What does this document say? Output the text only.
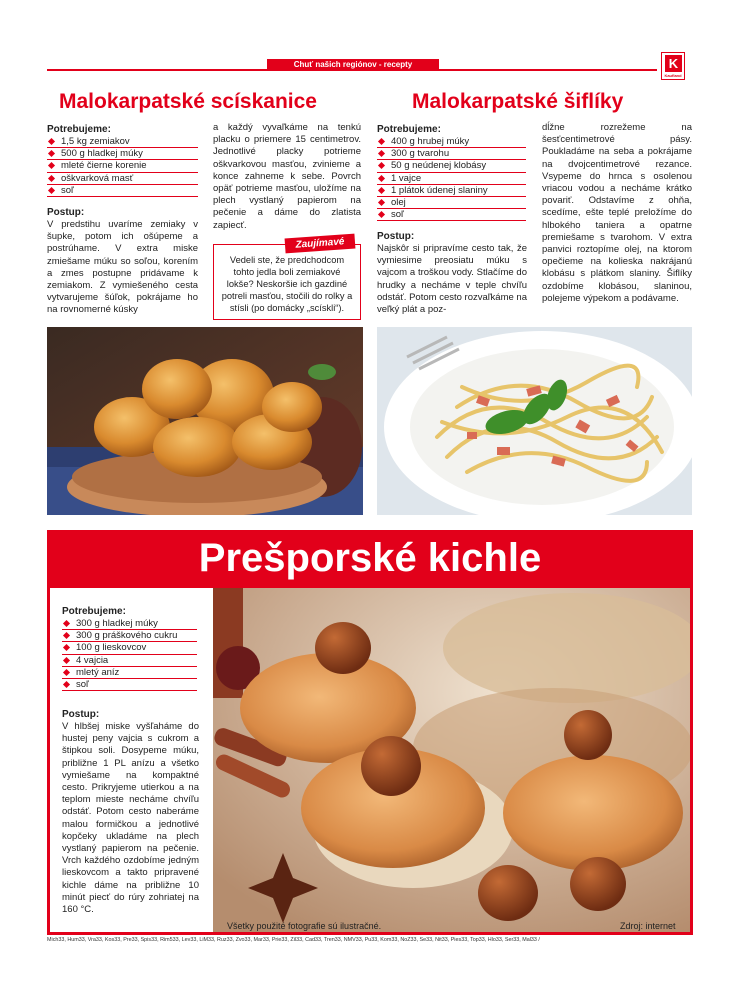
Chuť našich regiónov - recepty	K
Kaufland
Malokarpatské scískanice
Potrebujeme:
1,5 kg zemiakov
500 g hladkej múky
mleté čierne korenie
oškvarková masť
soľ
Postup:
V predstihu uvaríme zemiaky v šupke, potom ich ošúpeme a postrúhame. V extra miske zmiešame múku so soľou, korením a zmes postupne pridávame k zemiakom. Z vymiešeného cesta vytvarujeme šúľok, pokrájame ho na rovnomerné kúsky
a každý vyvaľkáme na tenkú placku o priemere 15 centimetrov. Jednotlivé placky potrieme oškvarkovou masťou, zvinieme a konce zahneme k sebe. Povrch opäť potrieme masťou, uložíme na plech vystlaný papierom na pečenie a dáme do zlatista zapiecť.
Zaujímavé
Vedeli ste, že predchodcom tohto jedla boli zemiakové lokše? Neskoršie ich gazdiné potreli masťou, stočili do rolky a stísli (po domácky „scískli“).
Malokarpatské šiflíky
Potrebujeme:
400 g hrubej múky
300 g tvarohu
50 g neúdenej klobásy
1 vajce
1 plátok údenej slaniny
olej
soľ
Postup:
Najskôr si pripravíme cesto tak, že vymiesime preosiatu múku s vajcom a troškou vody. Stlačíme do hrudky a necháme v teple chvíľu odstáť. Potom cesto rozvaľkáme na veľký plát a poz-
dĺžne rozrežeme na šesťcentimetrové pásy. Poukladáme na seba a pokrájame na dvojcentimetrové rezance. Vsypeme do hrnca s osolenou vriacou vodou a necháme krátko povariť. Odstavíme z ohňa, scedíme, ešte teplé preložíme do hlbokého taniera a opatrne premiešame s tvarohom. V extra panvici roztopíme olej, na ktorom opečieme na kolieska nakrájanú klobásu s plátkom slaniny. Šiflíky ozdobíme klobásou, slaninou, polejeme výpekom a podávame.
Prešporské kichle
Potrebujeme:
300 g hladkej múky
300 g práškového cukru
100 g lieskovcov
4 vajcia
mletý aníz
soľ
Postup:
V hlbšej miske vyšľaháme do hustej peny vajcia s cukrom a štipkou soli. Dosypeme múku, približne 1 PL anízu a všetko vymiešame na kompaktné cesto. Prikryjeme utierkou a na teplom mieste necháme chvíľu odstáť. Potom cesto naberáme malou formičkou a jednotlivé kopčeky ukladáme na plech vystlaný papierom na pečenie. Vrch každého ozdobíme jedným lieskovcom a takto pripravené kichle dáme na približne 10 minút piecť do rúry zohriatej na 160 °C.
Všetky použité fotografie sú ilustračné.	Zdroj: internet
Mich33, Hum33, Vra33, Kos33, Pre33, Spis33, Rim533, Lev33, LiM33, Ruz33, Zvo33, Mar33, Prie33, Zil33, Cad33, Tren33, NMV33, Pu33, Kom33, NoZ33, Se33, Nit33, Pies33, Top33, Hlo33, Ser33, Mal33 /
